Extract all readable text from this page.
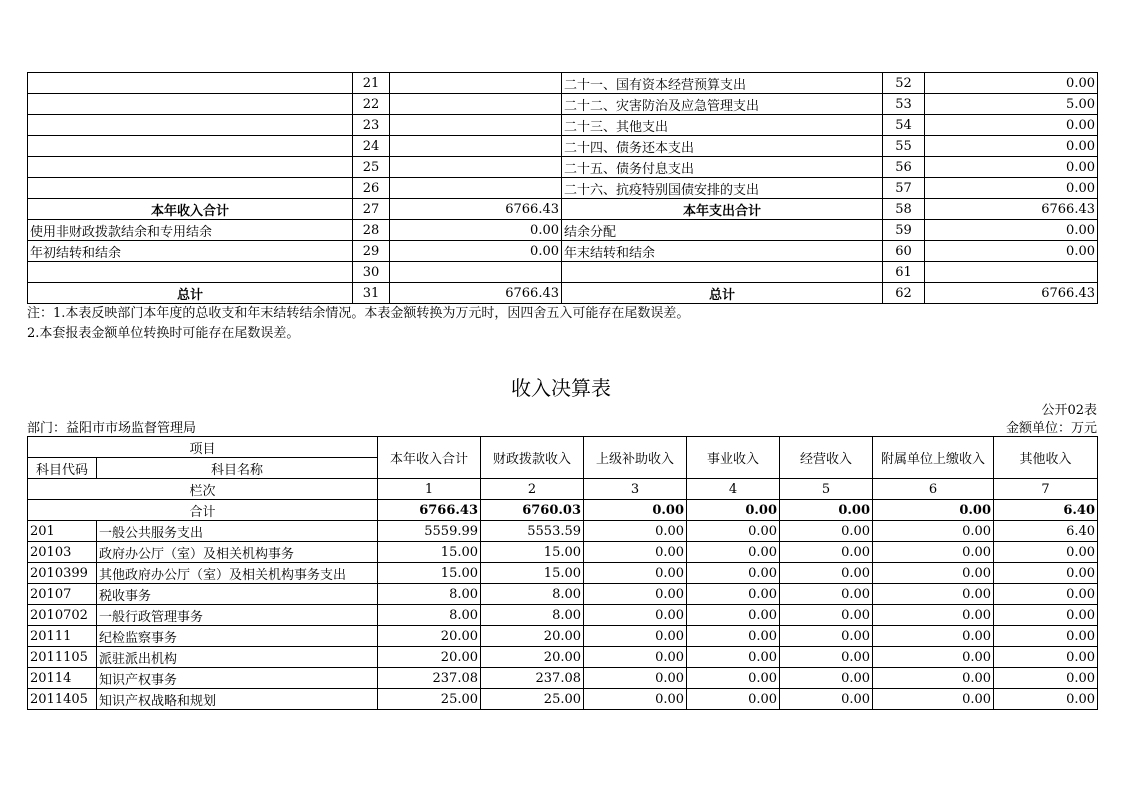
	21		二十一、国有资本经营预算支出	52	0.00
	22		二十二、灾害防治及应急管理支出	53	5.00
	23		二十三、其他支出	54	0.00
	24		二十四、债务还本支出	55	0.00
	25		二十五、债务付息支出	56	0.00
	26		二十六、抗疫特别国债安排的支出	57	0.00
本年收入合计	27	6766.43	本年支出合计	58	6766.43
使用非财政拨款结余和专用结余	28	0.00	结余分配	59	0.00
年初结转和结余	29	0.00	年末结转和结余	60	0.00
	30			61	
总计	31	6766.43	总计	62	6766.43
注：1.本表反映部门本年度的总收支和年末结转结余情况。本表金额转换为万元时，因四舍五入可能存在尾数误差。
2.本套报表金额单位转换时可能存在尾数误差。
收入决算表
公开02表
部门：益阳市市场监督管理局	金额单位：万元
项目		本年收入合计	财政拨款收入	上级补助收入	事业收入	经营收入	附属单位上缴收入	其他收入
科目代码	科目名称							
栏次		1	2	3	4	5	6	7
合计		6766.43	6760.03	0.00	0.00	0.00	0.00	6.40
201	一般公共服务支出	5559.99	5553.59	0.00	0.00	0.00	0.00	6.40
20103	政府办公厅（室）及相关机构事务	15.00	15.00	0.00	0.00	0.00	0.00	0.00
2010399	其他政府办公厅（室）及相关机构事务支出	15.00	15.00	0.00	0.00	0.00	0.00	0.00
20107	税收事务	8.00	8.00	0.00	0.00	0.00	0.00	0.00
2010702	一般行政管理事务	8.00	8.00	0.00	0.00	0.00	0.00	0.00
20111	纪检监察事务	20.00	20.00	0.00	0.00	0.00	0.00	0.00
2011105	派驻派出机构	20.00	20.00	0.00	0.00	0.00	0.00	0.00
20114	知识产权事务	237.08	237.08	0.00	0.00	0.00	0.00	0.00
2011405	知识产权战略和规划	25.00	25.00	0.00	0.00	0.00	0.00	0.00
